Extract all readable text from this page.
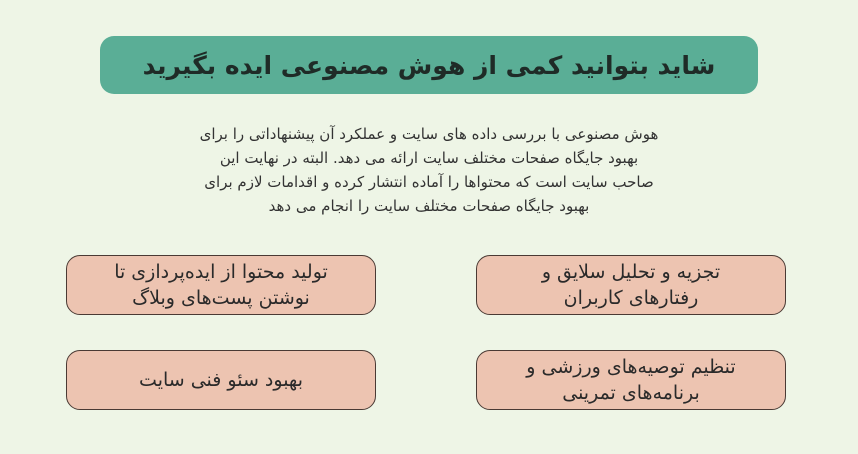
شاید بتوانید کمی از هوش مصنوعی ایده بگیرید
هوش مصنوعی با بررسی داده های سایت و عملکرد آن پیشنهاداتی را برای
بهبود جایگاه صفحات مختلف سایت ارائه می دهد. البته در نهایت این
صاحب سایت است که محتواها را آماده انتشار کرده و اقدامات لازم برای
بهبود جایگاه صفحات مختلف سایت را انجام می دهد
تولید محتوا از ایده‌پردازی تا
نوشتن پست‌های وبلاگ
تجزیه و تحلیل سلایق و
رفتارهای کاربران
بهبود سئو فنی سایت
تنظیم توصیه‌های ورزشی و
برنامه‌های تمرینی
